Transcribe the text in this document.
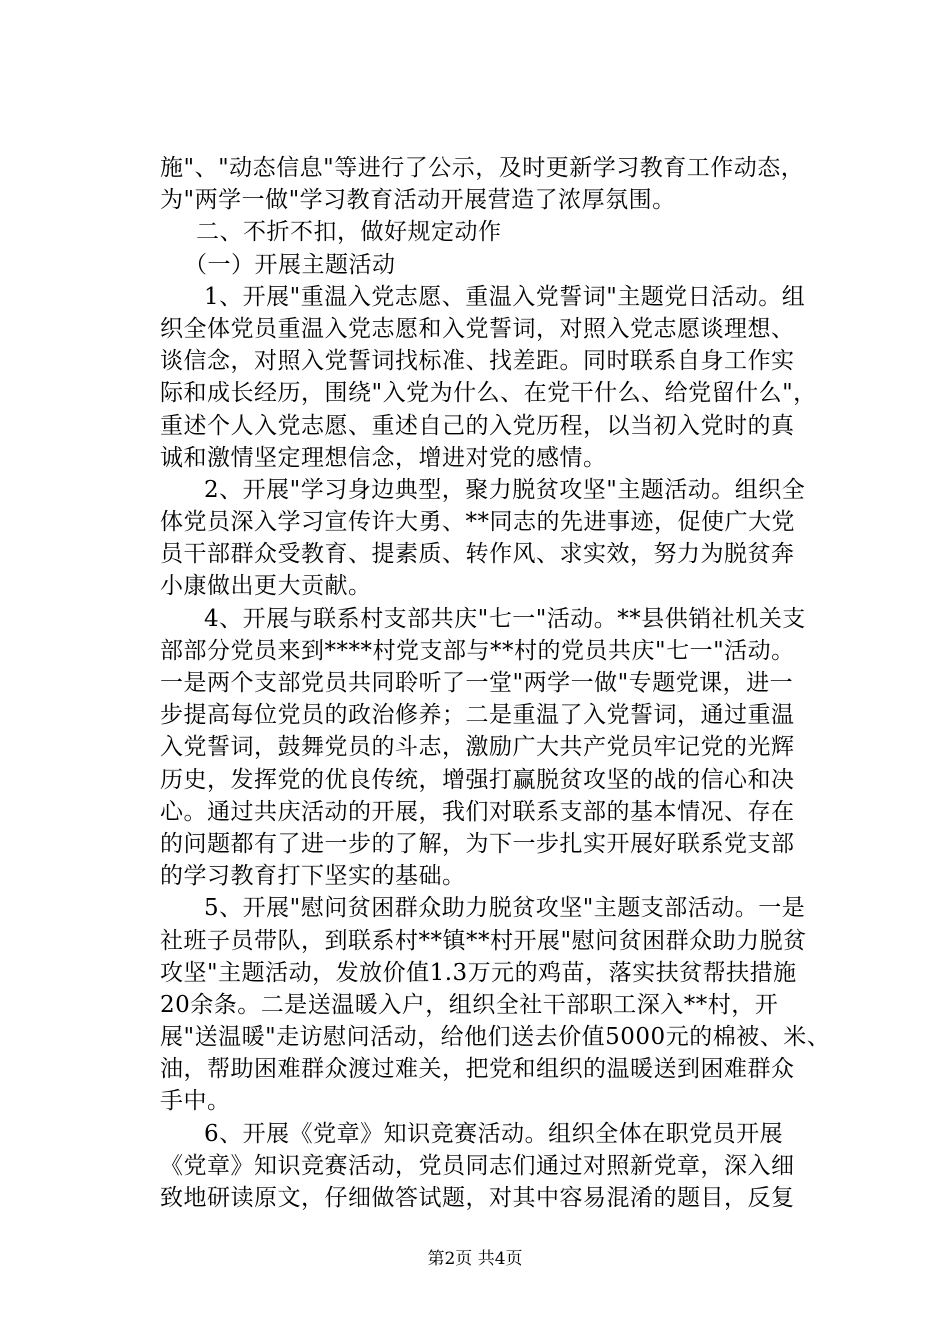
施"、"动态信息"等进行了公示，及时更新学习教育工作动态，
为"两学一做"学习教育活动开展营造了浓厚氛围。
二、不折不扣，做好规定动作
（一）开展主题活动
1、开展"重温入党志愿、重温入党誓词"主题党日活动。组
织全体党员重温入党志愿和入党誓词，对照入党志愿谈理想、
谈信念，对照入党誓词找标准、找差距。同时联系自身工作实
际和成长经历，围绕"入党为什么、在党干什么、给党留什么"，
重述个人入党志愿、重述自己的入党历程，以当初入党时的真
诚和激情坚定理想信念，增进对党的感情。
2、开展"学习身边典型，聚力脱贫攻坚"主题活动。组织全
体党员深入学习宣传许大勇、**同志的先进事迹，促使广大党
员干部群众受教育、提素质、转作风、求实效，努力为脱贫奔
小康做出更大贡献。
4、开展与联系村支部共庆"七一"活动。**县供销社机关支
部部分党员来到****村党支部与**村的党员共庆"七一"活动。
一是两个支部党员共同聆听了一堂"两学一做"专题党课，进一
步提高每位党员的政治修养；二是重温了入党誓词，通过重温
入党誓词，鼓舞党员的斗志，激励广大共产党员牢记党的光辉
历史，发挥党的优良传统，增强打赢脱贫攻坚的战的信心和决
心。通过共庆活动的开展，我们对联系支部的基本情况、存在
的问题都有了进一步的了解，为下一步扎实开展好联系党支部
的学习教育打下坚实的基础。
5、开展"慰问贫困群众助力脱贫攻坚"主题支部活动。一是
社班子员带队，到联系村**镇**村开展"慰问贫困群众助力脱贫
攻坚"主题活动，发放价值1.3万元的鸡苗，落实扶贫帮扶措施
20余条。二是送温暖入户，组织全社干部职工深入**村，开
展"送温暖"走访慰问活动，给他们送去价值5000元的棉被、米、
油，帮助困难群众渡过难关，把党和组织的温暖送到困难群众
手中。
6、开展《党章》知识竞赛活动。组织全体在职党员开展
《党章》知识竞赛活动，党员同志们通过对照新党章，深入细
致地研读原文，仔细做答试题，对其中容易混淆的题目，反复
第2页 共4页
